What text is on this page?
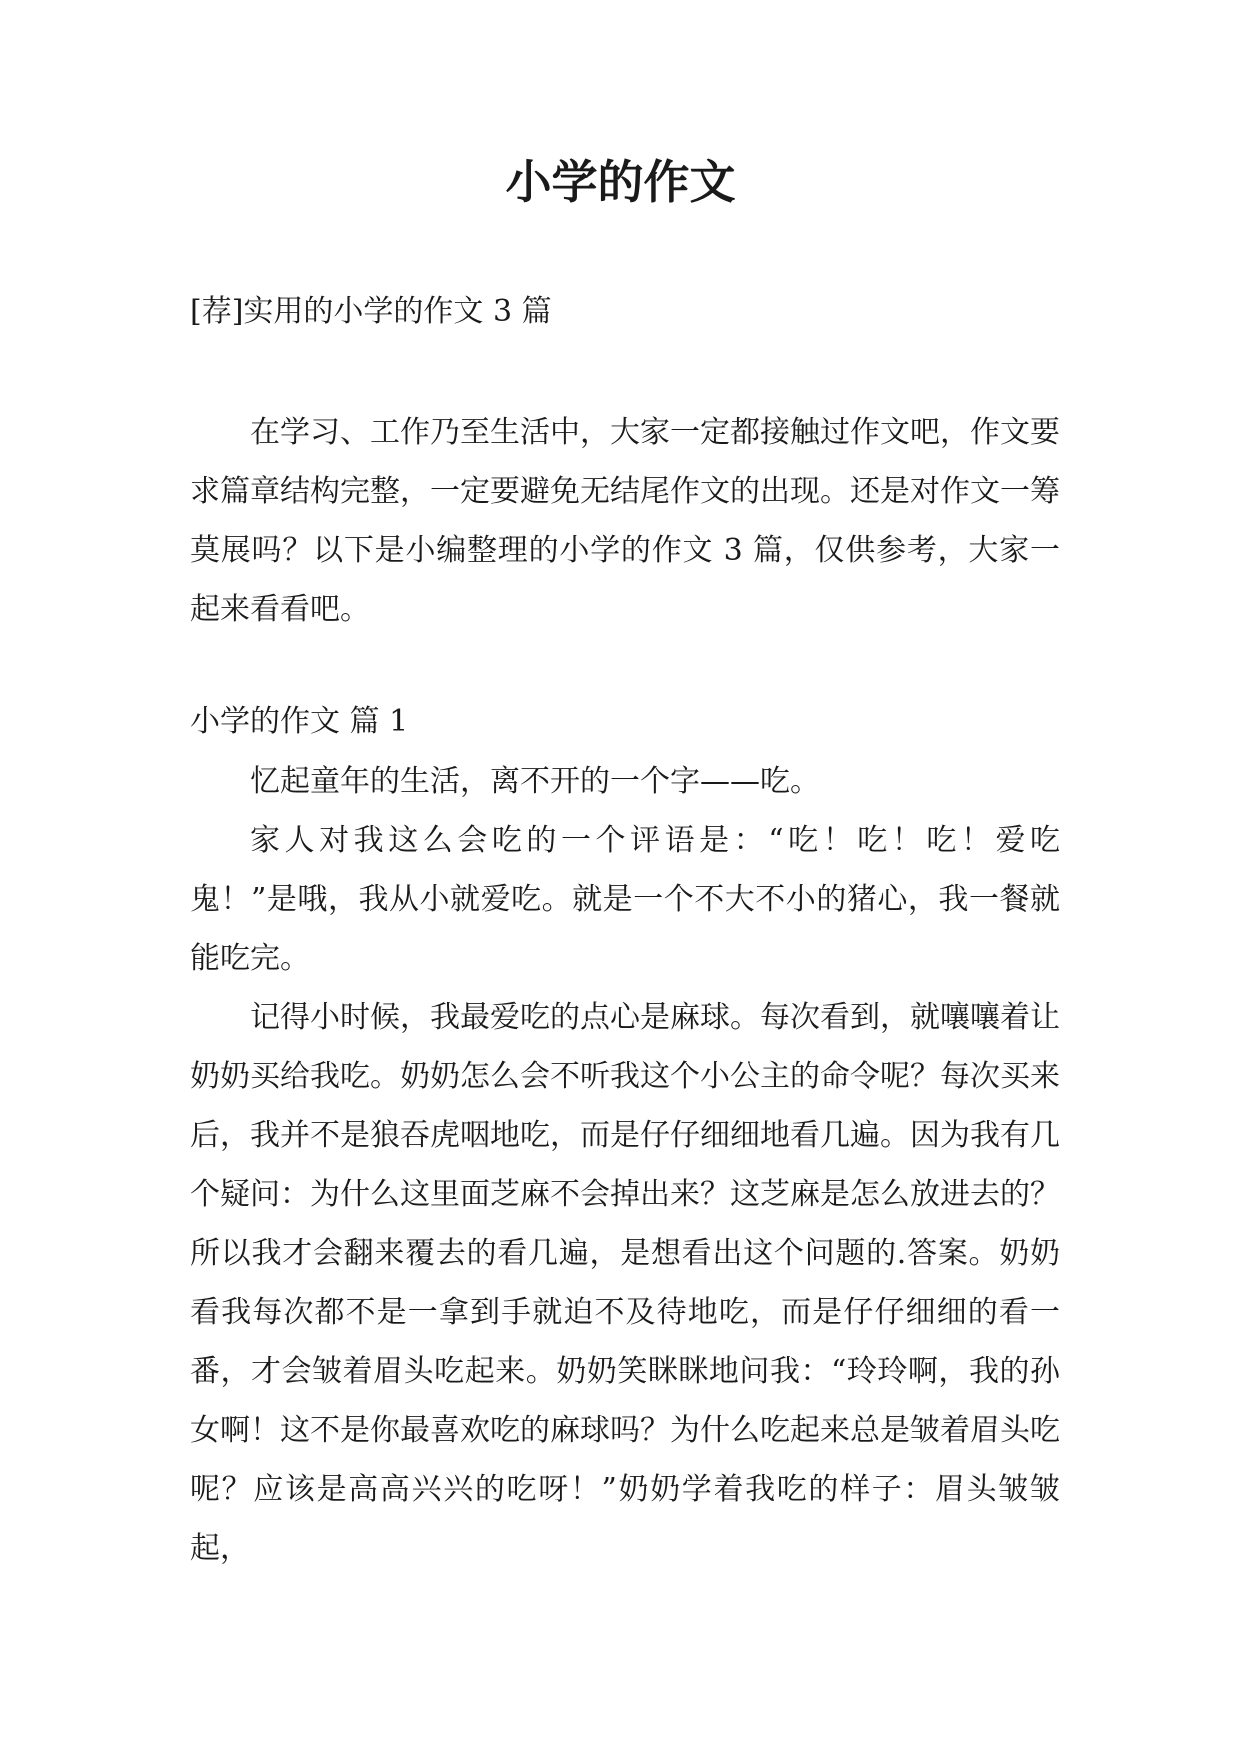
小学的作文

[荐]实用的小学的作文 3 篇

在学习、工作乃至生活中，大家一定都接触过作文吧，作文要求篇章结构完整，一定要避免无结尾作文的出现。还是对作文一筹莫展吗？以下是小编整理的小学的作文 3 篇，仅供参考，大家一起来看看吧。

小学的作文 篇 1

忆起童年的生活，离不开的一个字——吃。

家人对我这么会吃的一个评语是：“吃！吃！吃！爱吃鬼！”是哦，我从小就爱吃。就是一个不大不小的猪心，我一餐就能吃完。

记得小时候，我最爱吃的点心是麻球。每次看到，就嚷嚷着让奶奶买给我吃。奶奶怎么会不听我这个小公主的命令呢？每次买来后，我并不是狼吞虎咽地吃，而是仔仔细细地看几遍。因为我有几个疑问：为什么这里面芝麻不会掉出来？这芝麻是怎么放进去的？所以我才会翻来覆去的看几遍，是想看出这个问题的.答案。奶奶看我每次都不是一拿到手就迫不及待地吃，而是仔仔细细的看一番，才会皱着眉头吃起来。奶奶笑眯眯地问我：“玲玲啊，我的孙女啊！这不是你最喜欢吃的麻球吗？为什么吃起来总是皱着眉头吃呢？应该是高高兴兴的吃呀！”奶奶学着我吃的样子：眉头皱皱起，
